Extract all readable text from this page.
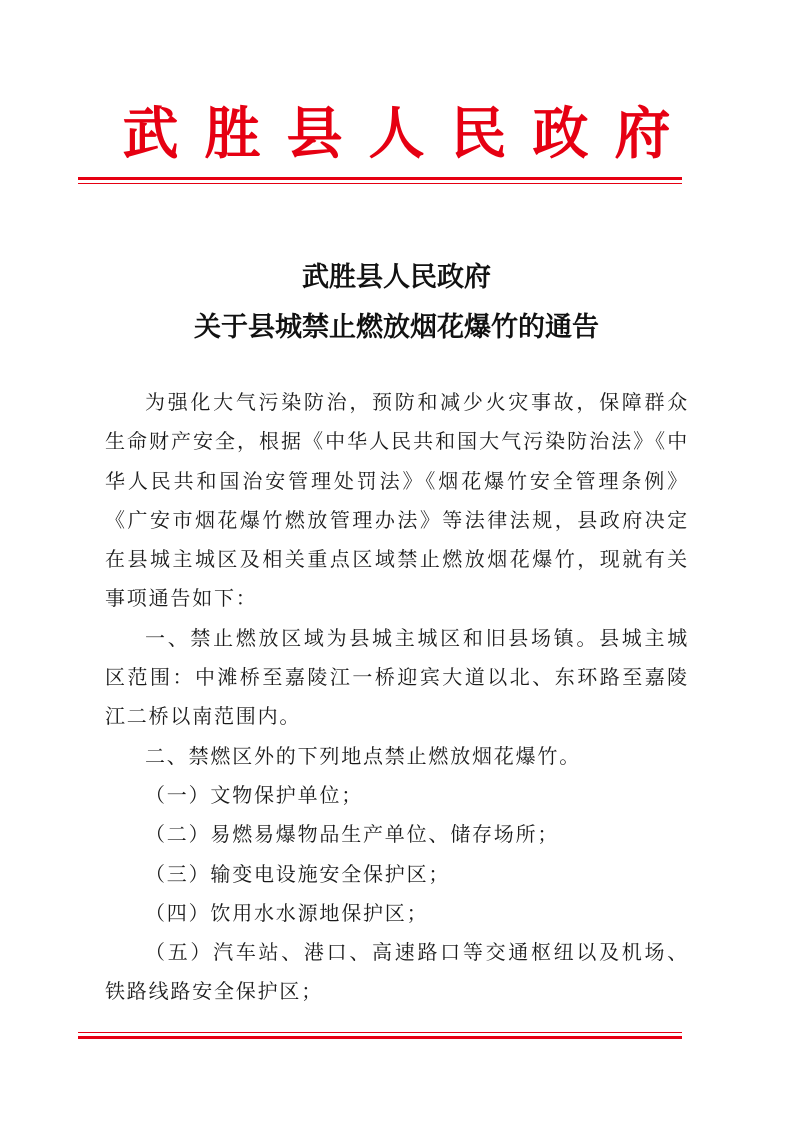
武胜县人民政府
武胜县人民政府
关于县城禁止燃放烟花爆竹的通告

为强化大气污染防治，预防和减少火灾事故，保障群众生命财产安全，根据《中华人民共和国大气污染防治法》《中华人民共和国治安管理处罚法》《烟花爆竹安全管理条例》《广安市烟花爆竹燃放管理办法》等法律法规，县政府决定在县城主城区及相关重点区域禁止燃放烟花爆竹，现就有关事项通告如下：

一、禁止燃放区域为县城主城区和旧县场镇。县城主城区范围：中滩桥至嘉陵江一桥迎宾大道以北、东环路至嘉陵江二桥以南范围内。

二、禁燃区外的下列地点禁止燃放烟花爆竹。

（一）文物保护单位；

（二）易燃易爆物品生产单位、储存场所；

（三）输变电设施安全保护区；

（四）饮用水水源地保护区；

（五）汽车站、港口、高速路口等交通枢纽以及机场、铁路线路安全保护区；
